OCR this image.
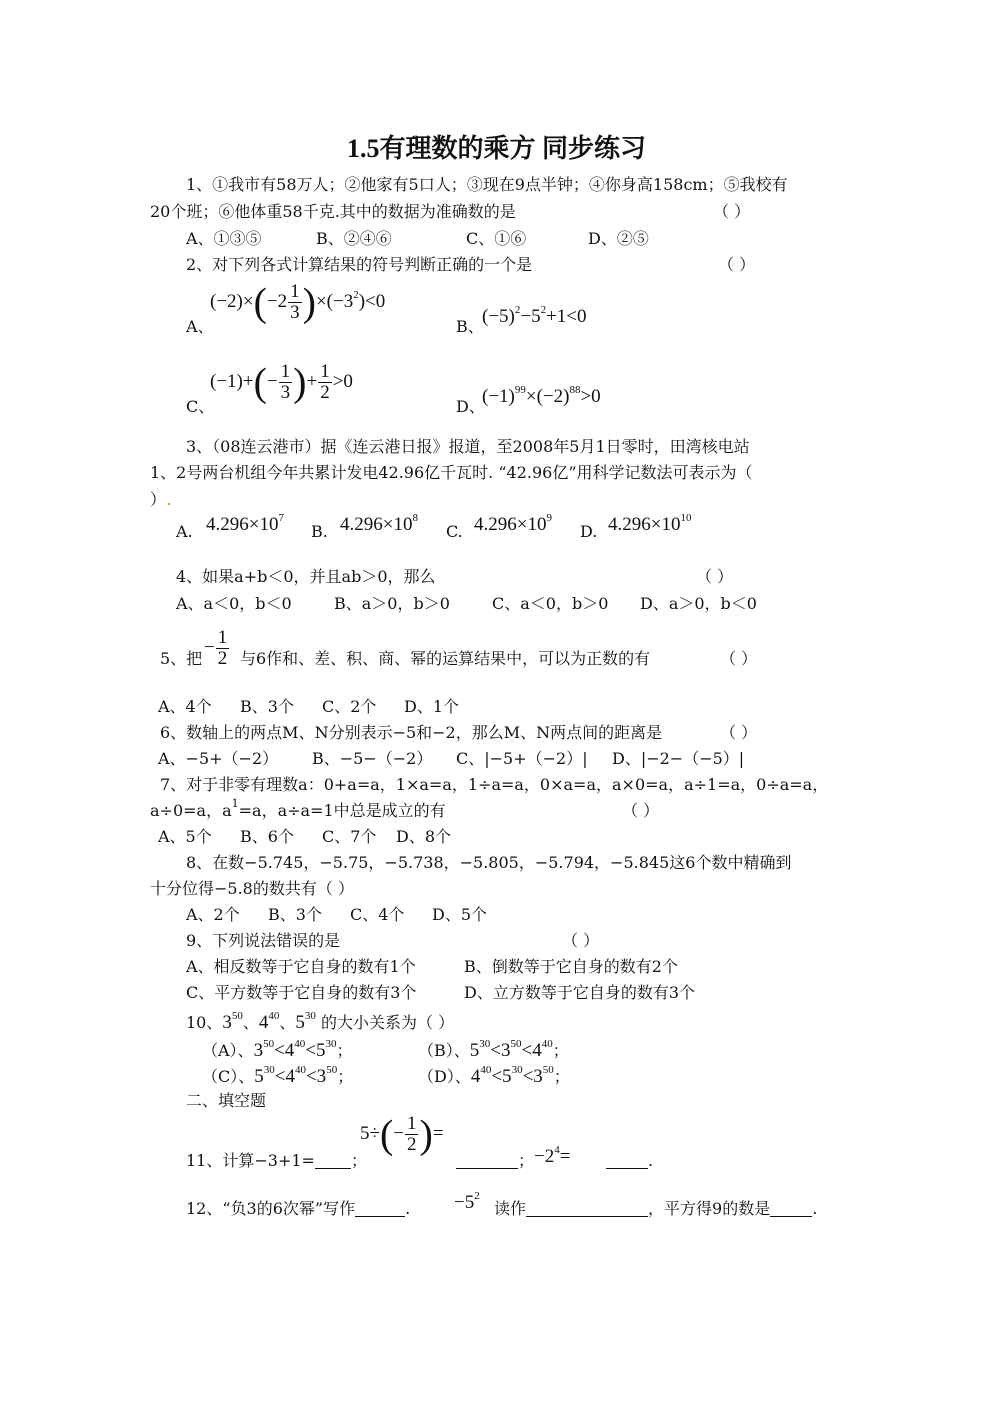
1.5有理数的乘方 同步练习
1、①我市有58万人；②他家有5口人；③现在9点半钟；④你身高158cm；⑤我校有
20个班；⑥他体重58千克.其中的数据为准确数的是	（ ）
A、①③⑤	B、②④⑥	C、①⑥	D、②⑤
2、对下列各式计算结果的符号判断正确的一个是	（ ）
A、
$(-2)\times(-2 \frac{1}{3} )\times(-3^2)<0$
B、
$(-5)^2-5^2+1<0$
C、
$(-1)+(- \frac{1}{3}$ )+ $\frac{1}{2} >0$
D、
$(-1)^{99}\times(-2)^{88}>0$
3、（08连云港市）据《连云港日报》报道，至2008年5月1日零时，田湾核电站
1、2号两台机组今年共累计发电42.96亿千瓦时. “42.96亿”用科学记数法可表示为（
）
A. $4.296\times 10^7$
B. $4.296\times 10^8$
C. $4.296\times 10^9$
D. $4.296\times 10^{10}$
4、如果a+b＜0，并且ab＞0，那么	（ ）
A、a＜0，b＜0	B、a＞0，b＞0	C、a＜0，b＞0 D、a＞0，b＜0
5、把
− $\frac{1}{2}$ 与6作和、差、积、商、幂的运算结果中，可以为正数的有	（ ）
A、4个 B、3个 C、2个 D、1个
6、数轴上的两点M、N分别表示−5和−2，那么M、N两点间的距离是	（ ）
A、−5+（−2） B、−5−（−2） C、|−5+（−2）| D、|−2−（−5）|
7、对于非零有理数a：0+a=a，1×a=a，1÷a=a，0×a=a，a×0=a，a÷1=a，0÷a=a，
a÷0=a，$a^1=a$，a÷a=1中总是成立的有	（ ）
A、5个 B、6个 C、7个 D、8个
8、在数−5.745，−5.75，−5.738，−5.805，−5.794，−5.845这6个数中精确到
十分位得−5.8的数共有（ ）
A、2个 B、3个 C、4个 D、5个
9、下列说法错误的是	（ ）
A、相反数等于它自身的数有1个	B、倒数等于它自身的数有2个
C、平方数等于它自身的数有3个	D、立方数等于它自身的数有3个
10、$3^{50}$、$4^{40}$、$5^{30}$ 的大小关系为（ ）
（A）、$3^{50}<4^{40}<5^{30}$；	（B）、$5^{30}<3^{50}<4^{40}$；
（C）、$5^{30}<4^{40}<3^{50}$；	（D）、$4^{40}<5^{30}<3^{50}$；
二、填空题
11、计算−3+1= ；
$5\div(- \frac{1}{2}$ )=
； $-2^4=$	.
12、“负3的6次幂”写作	. $-5^2$
读作	，平方得9的数是	.
